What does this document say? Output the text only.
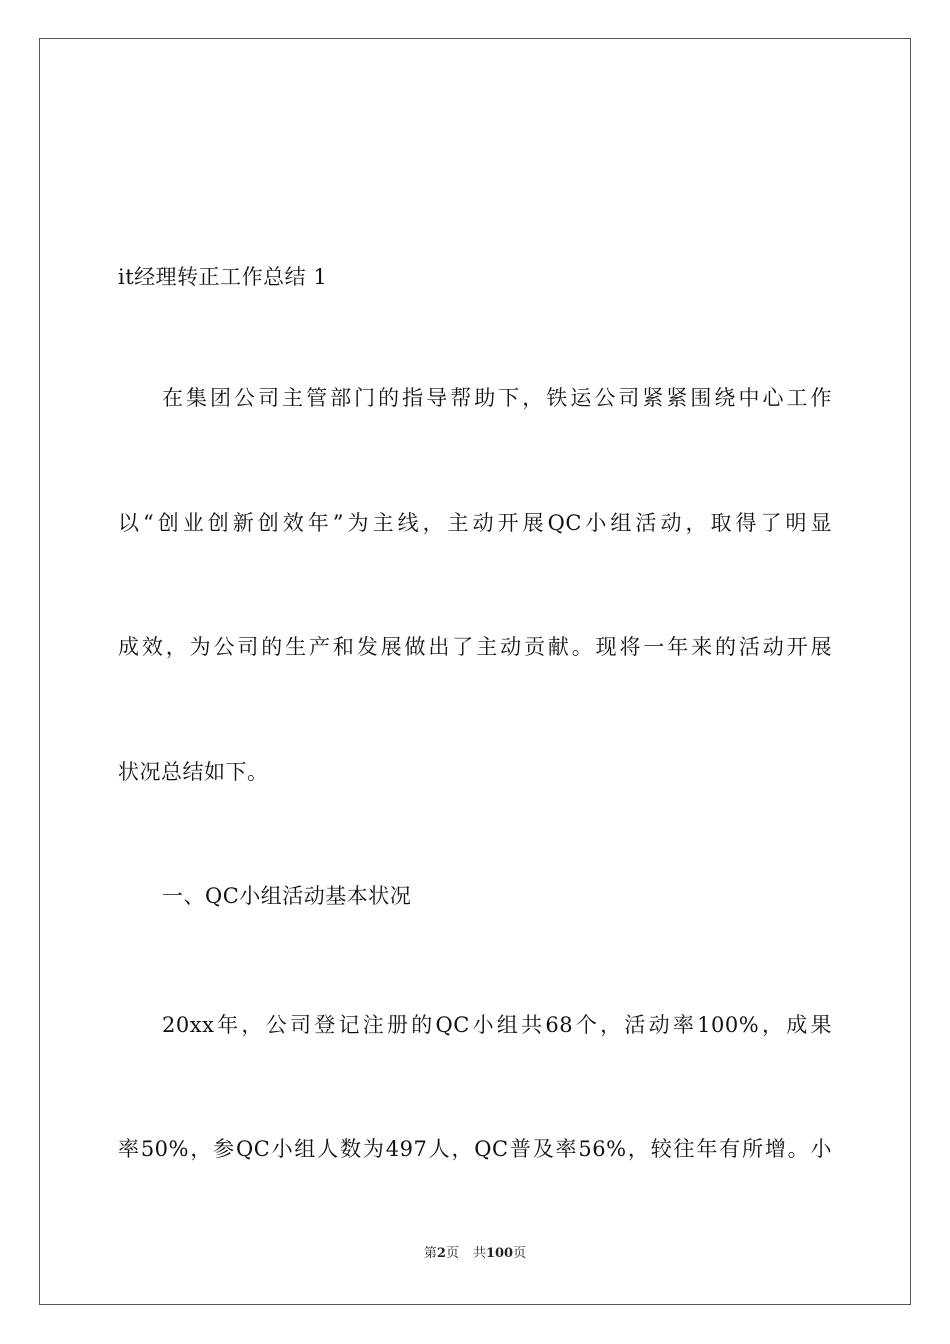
it经理转正工作总结 1
在集团公司主管部门的指导帮助下，铁运公司紧紧围绕中心工作
以“创业创新创效年”为主线，主动开展QC小组活动，取得了明显
成效，为公司的生产和发展做出了主动贡献。现将一年来的活动开展
状况总结如下。
一、QC小组活动基本状况
20xx年，公司登记注册的QC小组共68个，活动率100%，成果
率50%，参QC小组人数为497人，QC普及率56%，较往年有所增。小
第2页 共100页
